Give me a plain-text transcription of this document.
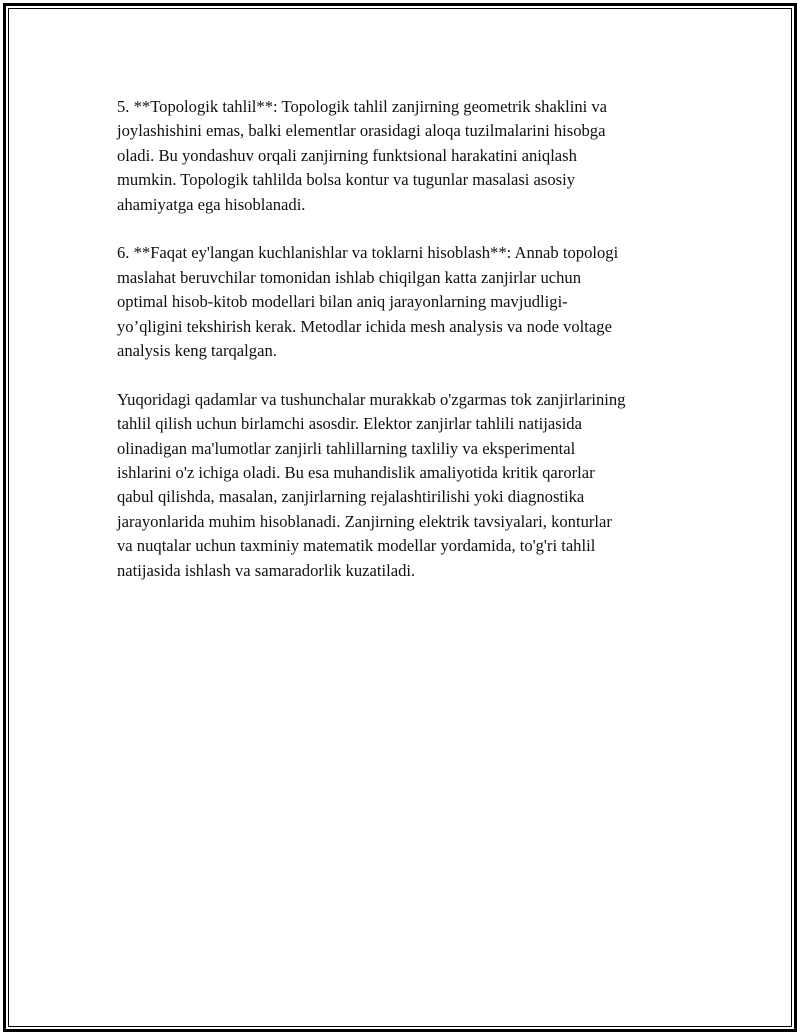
5. **Topologik tahlil**: Topologik tahlil zanjirning geometrik shaklini va
joylashishini emas, balki elementlar orasidagi aloqa tuzilmalarini hisobga
oladi. Bu yondashuv orqali zanjirning funktsional harakatini aniqlash
mumkin. Topologik tahlilda bolsa kontur va tugunlar masalasi asosiy
ahamiyatga ega hisoblanadi.

6. **Faqat ey'langan kuchlanishlar va toklarni hisoblash**: Annab topologi
maslahat beruvchilar tomonidan ishlab chiqilgan katta zanjirlar uchun
optimal hisob-kitob modellari bilan aniq jarayonlarning mavjudligi-
yo’qligini tekshirish kerak. Metodlar ichida mesh analysis va node voltage
analysis keng tarqalgan.

Yuqoridagi qadamlar va tushunchalar murakkab o'zgarmas tok zanjirlarining
tahlil qilish uchun birlamchi asosdir. Elektor zanjirlar tahlili natijasida
olinadigan ma'lumotlar zanjirli tahlillarning taxliliy va eksperimental
ishlarini o'z ichiga oladi. Bu esa muhandislik amaliyotida kritik qarorlar
qabul qilishda, masalan, zanjirlarning rejalashtirilishi yoki diagnostika
jarayonlarida muhim hisoblanadi. Zanjirning elektrik tavsiyalari, konturlar
va nuqtalar uchun taxminiy matematik modellar yordamida, to'g'ri tahlil
natijasida ishlash va samaradorlik kuzatiladi.
